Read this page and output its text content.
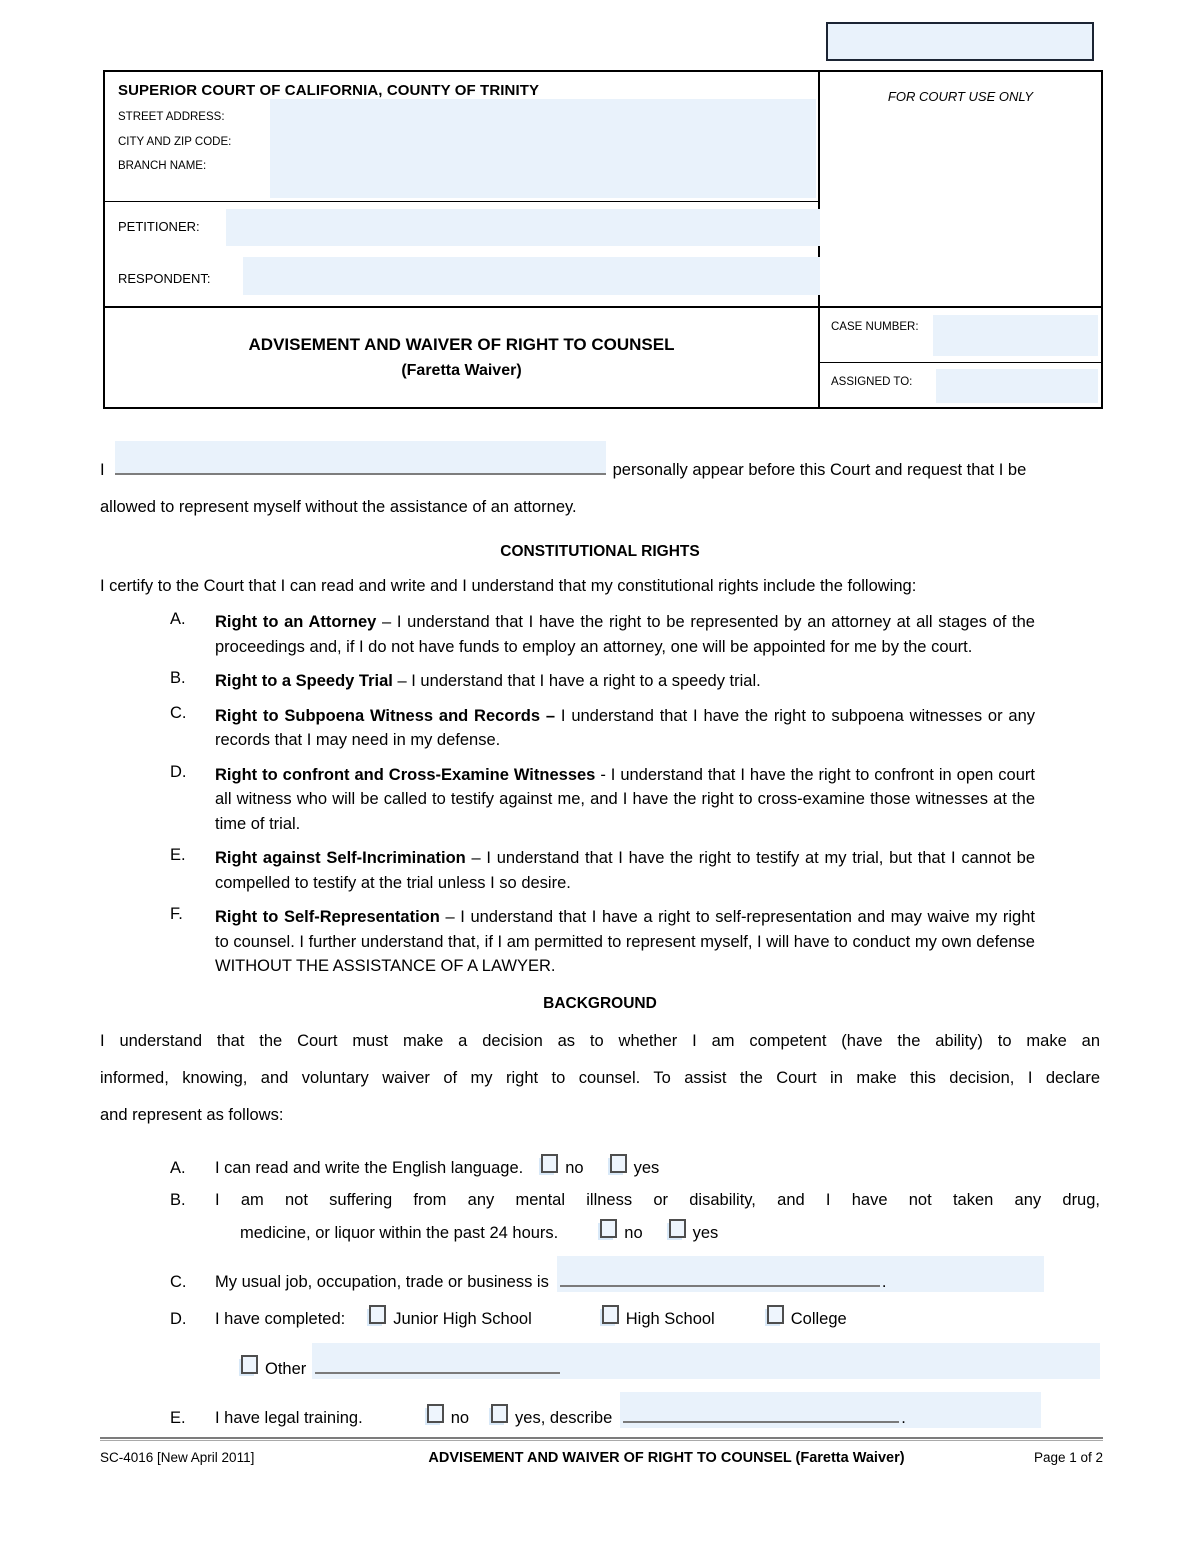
SUPERIOR COURT OF CALIFORNIA, COUNTY OF TRINITY
STREET ADDRESS:
CITY AND ZIP CODE:
BRANCH NAME:
FOR COURT USE ONLY
PETITIONER:
RESPONDENT:
ADVISEMENT AND WAIVER OF RIGHT TO COUNSEL
(Faretta Waiver)
CASE NUMBER:
ASSIGNED TO:
I	personally appear before this Court and request that I be
allowed to represent myself without the assistance of an attorney.
CONSTITUTIONAL RIGHTS
I certify to the Court that I can read and write and I understand that my constitutional rights include the following:
A.	Right to an Attorney – I understand that I have the right to be represented by an attorney at all stages of the proceedings and, if I do not have funds to employ an attorney, one will be appointed for me by the court.
B.	Right to a Speedy Trial – I understand that I have a right to a speedy trial.
C.	Right to Subpoena Witness and Records – I understand that I have the right to subpoena witnesses or any records that I may need in my defense.
D.	Right to confront and Cross-Examine Witnesses - I understand that I have the right to confront in open court all witness who will be called to testify against me, and I have the right to cross-examine those witnesses at the time of trial.
E.	Right against Self-Incrimination – I understand that I have the right to testify at my trial, but that I cannot be compelled to testify at the trial unless I so desire.
F.	Right to Self-Representation – I understand that I have a right to self-representation and may waive my right to counsel. I further understand that, if I am permitted to represent myself, I will have to conduct my own defense WITHOUT THE ASSISTANCE OF A LAWYER.
BACKGROUND
I understand that the Court must make a decision as to whether I am competent (have the ability) to make an
informed, knowing, and voluntary waiver of my right to counsel. To assist the Court in make this decision, I declare
and represent as follows:
A.	I can read and write the English language.	no	yes
B.	I am not suffering from any mental illness or disability, and I have not taken any drug,
medicine, or liquor within the past 24 hours.	no	yes
C.	My usual job, occupation, trade or business is	.
D.	I have completed:	Junior High School	High School	College
Other
E.	I have legal training.	no	yes, describe	.
SC-4016 [New April 2011]	ADVISEMENT AND WAIVER OF RIGHT TO COUNSEL (Faretta Waiver)	Page 1 of 2
